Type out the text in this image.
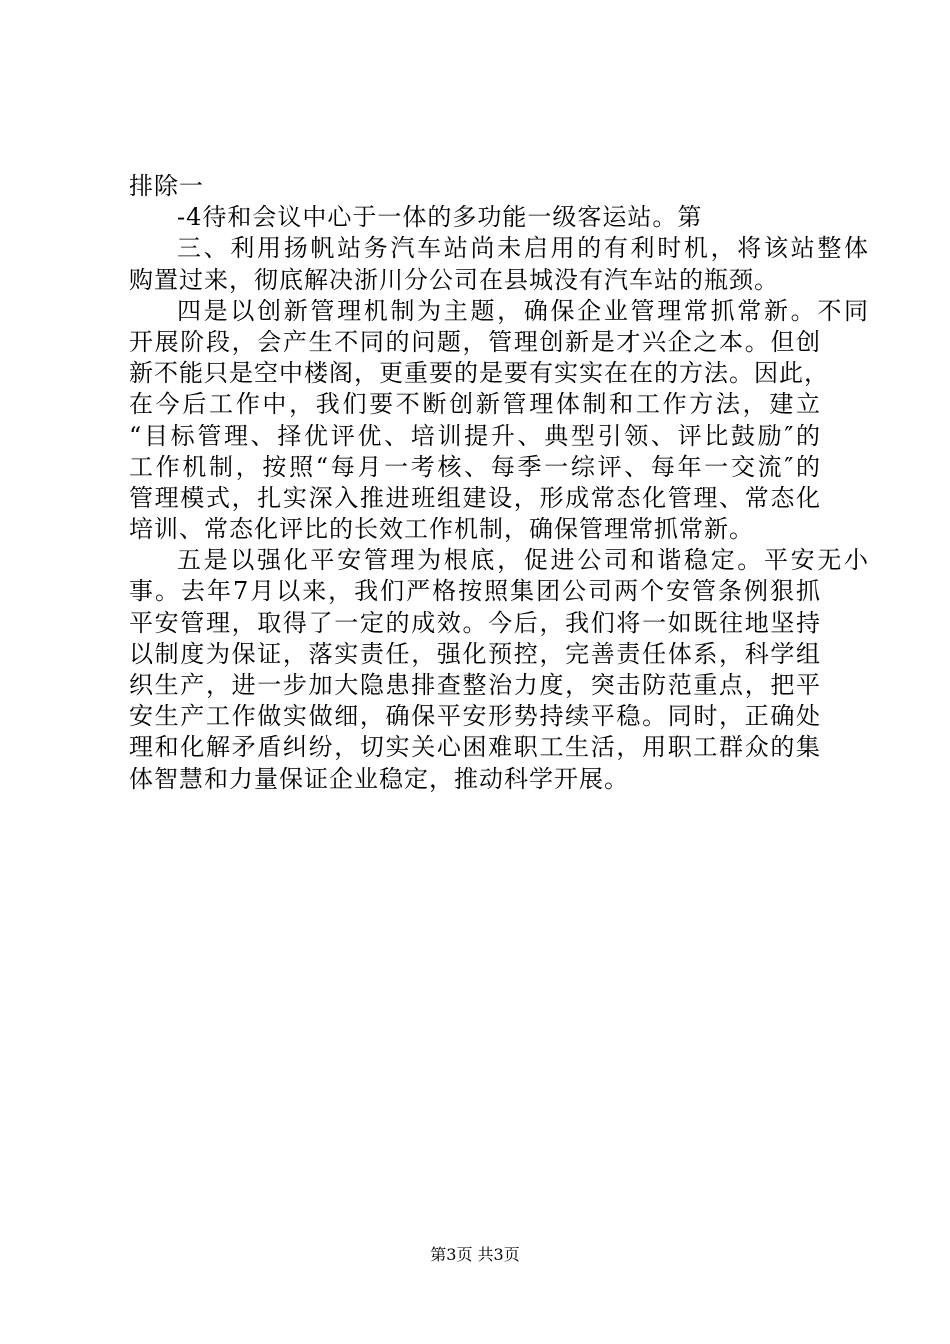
排除一
-4待和会议中心于一体的多功能一级客运站。第
三、利用扬帆站务汽车站尚未启用的有利时机，将该站整体
购置过来，彻底解决浙川分公司在县城没有汽车站的瓶颈。
四是以创新管理机制为主题，确保企业管理常抓常新。不同
开展阶段，会产生不同的问题，管理创新是才兴企之本。但创
新不能只是空中楼阁，更重要的是要有实实在在的方法。因此，
在今后工作中，我们要不断创新管理体制和工作方法，建立
“目标管理、择优评优、培训提升、典型引领、评比鼓励″的
工作机制，按照“每月一考核、每季一综评、每年一交流″的
管理模式，扎实深入推进班组建设，形成常态化管理、常态化
培训、常态化评比的长效工作机制，确保管理常抓常新。
五是以强化平安管理为根底，促进公司和谐稳定。平安无小
事。去年7月以来，我们严格按照集团公司两个安管条例狠抓
平安管理，取得了一定的成效。今后，我们将一如既往地坚持
以制度为保证，落实责任，强化预控，完善责任体系，科学组
织生产，进一步加大隐患排查整治力度，突击防范重点，把平
安生产工作做实做细，确保平安形势持续平稳。同时，正确处
理和化解矛盾纠纷，切实关心困难职工生活，用职工群众的集
体智慧和力量保证企业稳定，推动科学开展。
第3页 共3页
